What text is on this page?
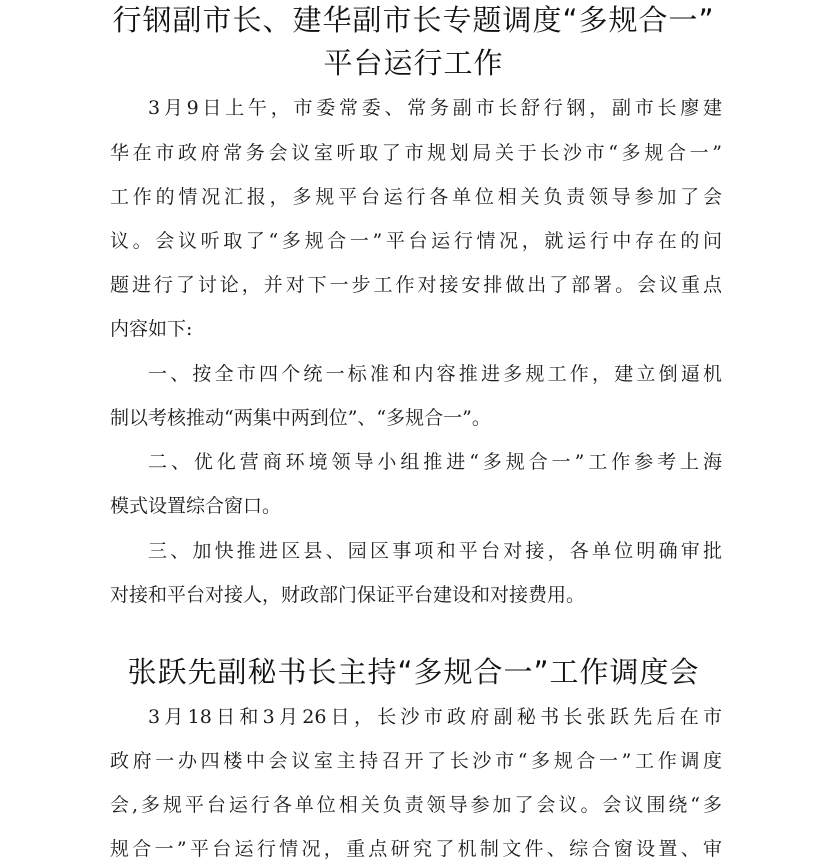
行钢副市长、建华副市长专题调度“多规合一”
平台运行工作
3月9日上午，市委常委、常务副市长舒行钢，副市长廖建
华在市政府常务会议室听取了市规划局关于长沙市“多规合一”
工作的情况汇报，多规平台运行各单位相关负责领导参加了会
议。会议听取了“多规合一”平台运行情况，就运行中存在的问
题进行了讨论，并对下一步工作对接安排做出了部署。会议重点
内容如下:
一、按全市四个统一标准和内容推进多规工作，建立倒逼机
制以考核推动“两集中两到位”、“多规合一”。
二、优化营商环境领导小组推进“多规合一”工作参考上海
模式设置综合窗口。
三、加快推进区县、园区事项和平台对接，各单位明确审批
对接和平台对接人，财政部门保证平台建设和对接费用。
张跃先副秘书长主持“多规合一”工作调度会
3月18日和3月26日，长沙市政府副秘书长张跃先后在市
政府一办四楼中会议室主持召开了长沙市“多规合一”工作调度
会,多规平台运行各单位相关负责领导参加了会议。会议围绕“多
规合一”平台运行情况，重点研究了机制文件、综合窗设置、审
